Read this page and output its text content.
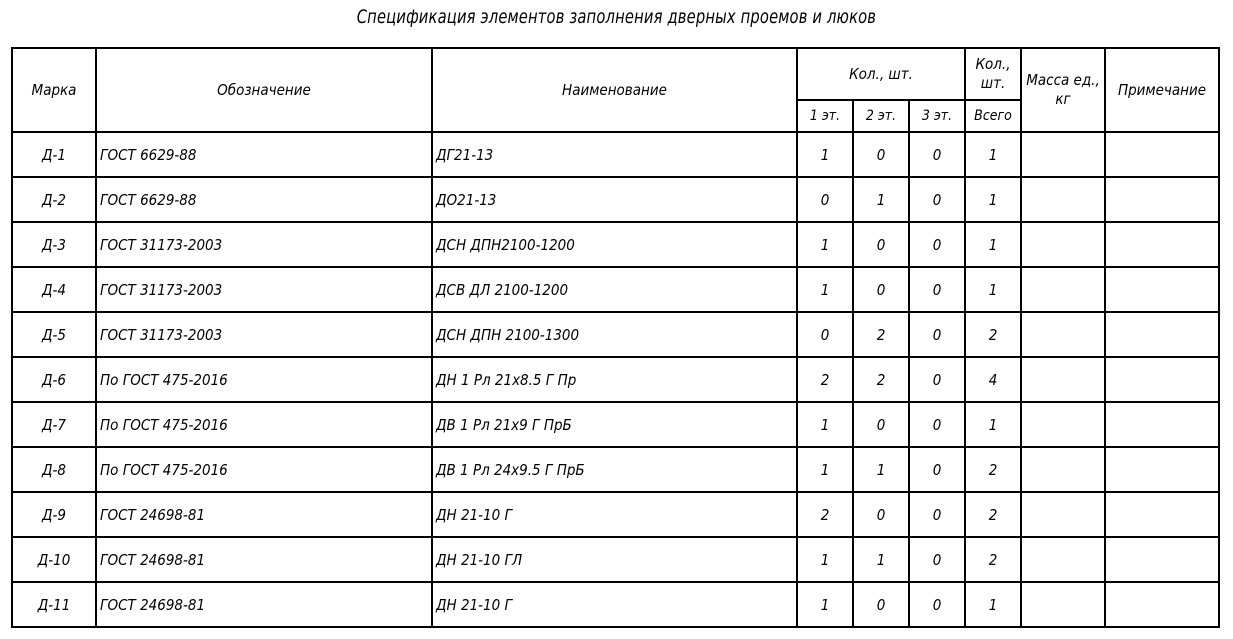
Спецификация элементов заполнения дверных проемов и люков
Марка	Обозначение	Наименование	Кол., шт.			Кол., шт.	Масса ед., кг	Примечание
			1 эт.	2 эт.	3 эт.	Всего		
Д-1	ГОСТ 6629-88	ДГ21-13	1	0	0	1		
Д-2	ГОСТ 6629-88	ДО21-13	0	1	0	1		
Д-3	ГОСТ 31173-2003	ДСН ДПН2100-1200	1	0	0	1		
Д-4	ГОСТ 31173-2003	ДСВ ДЛ 2100-1200	1	0	0	1		
Д-5	ГОСТ 31173-2003	ДСН ДПН 2100-1300	0	2	0	2		
Д-6	По ГОСТ 475-2016	ДН 1 Рл 21х8.5 Г Пр	2	2	0	4		
Д-7	По ГОСТ 475-2016	ДВ 1 Рл 21х9 Г ПрБ	1	0	0	1		
Д-8	По ГОСТ 475-2016	ДВ 1 Рл 24х9.5 Г ПрБ	1	1	0	2		
Д-9	ГОСТ 24698-81	ДН 21-10 Г	2	0	0	2		
Д-10	ГОСТ 24698-81	ДН 21-10 ГЛ	1	1	0	2		
Д-11	ГОСТ 24698-81	ДН 21-10 Г	1	0	0	1		
